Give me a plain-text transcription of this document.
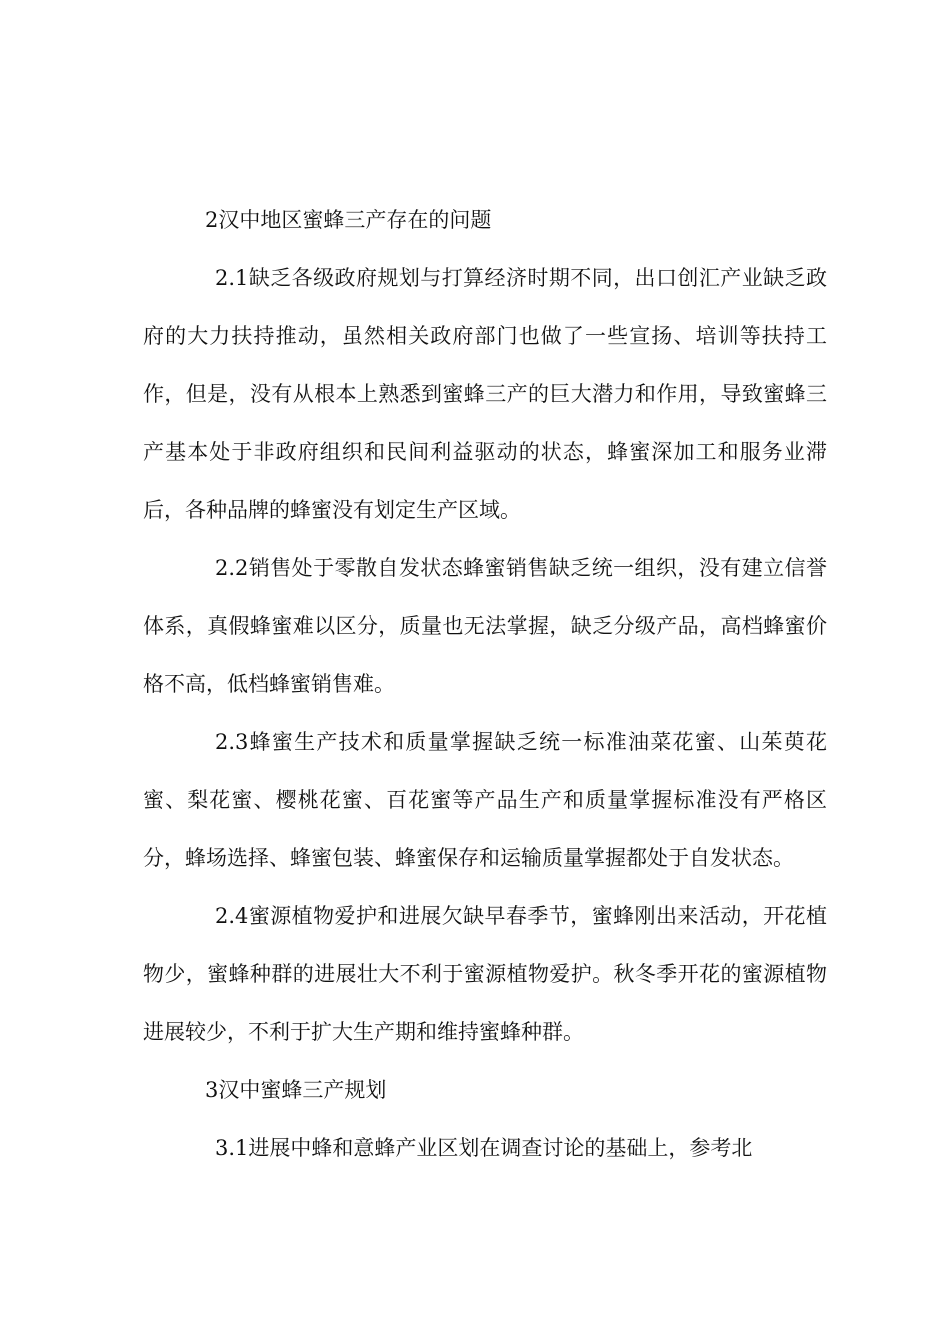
2汉中地区蜜蜂三产存在的问题

2.1缺乏各级政府规划与打算经济时期不同，出口创汇产业缺乏政府的大力扶持推动，虽然相关政府部门也做了一些宣扬、培训等扶持工作，但是，没有从根本上熟悉到蜜蜂三产的巨大潜力和作用，导致蜜蜂三产基本处于非政府组织和民间利益驱动的状态，蜂蜜深加工和服务业滞后，各种品牌的蜂蜜没有划定生产区域。

2.2销售处于零散自发状态蜂蜜销售缺乏统一组织，没有建立信誉体系，真假蜂蜜难以区分，质量也无法掌握，缺乏分级产品，高档蜂蜜价格不高，低档蜂蜜销售难。

2.3蜂蜜生产技术和质量掌握缺乏统一标准油菜花蜜、山茱萸花蜜、梨花蜜、樱桃花蜜、百花蜜等产品生产和质量掌握标准没有严格区分，蜂场选择、蜂蜜包装、蜂蜜保存和运输质量掌握都处于自发状态。

2.4蜜源植物爱护和进展欠缺早春季节，蜜蜂刚出来活动，开花植物少，蜜蜂种群的进展壮大不利于蜜源植物爱护。秋冬季开花的蜜源植物进展较少，不利于扩大生产期和维持蜜蜂种群。

3汉中蜜蜂三产规划

3.1进展中蜂和意蜂产业区划在调查讨论的基础上，参考北
